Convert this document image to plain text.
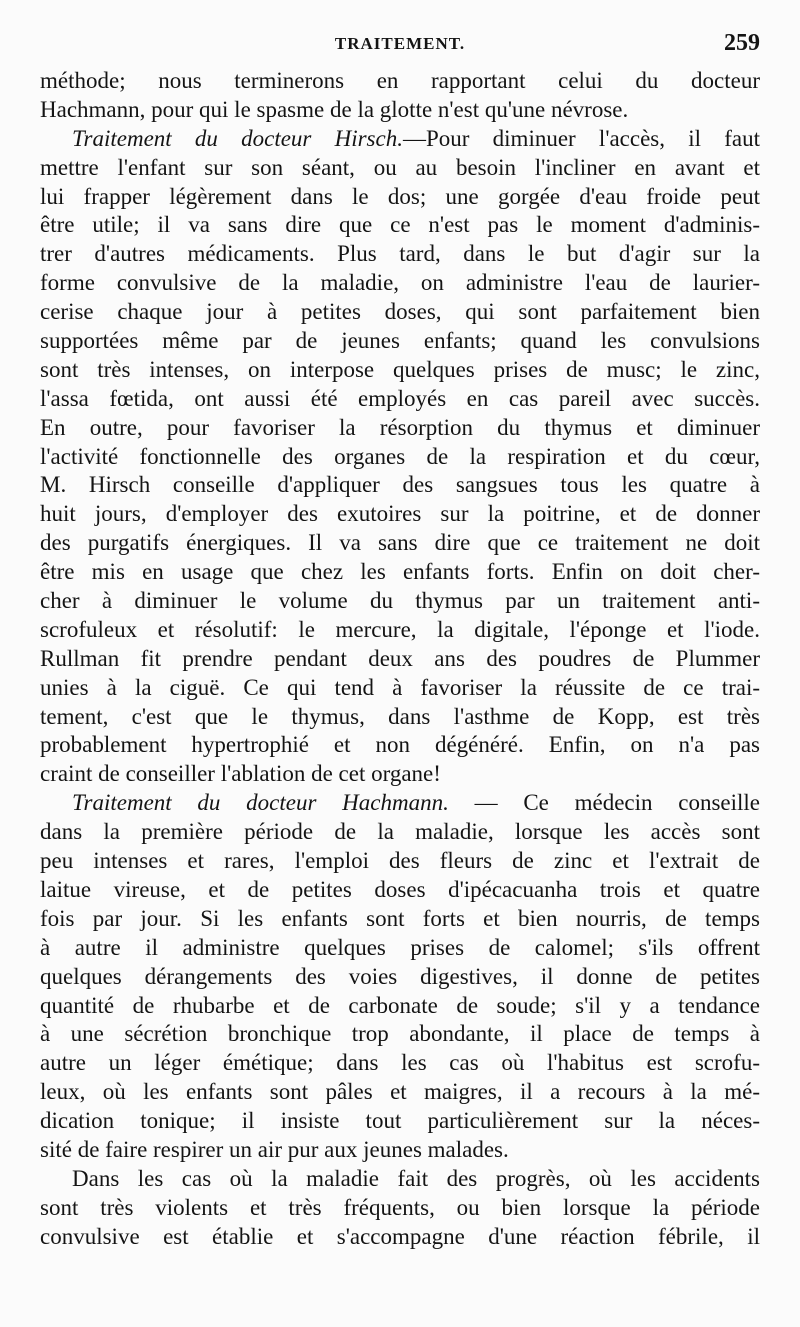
TRAITEMENT.	259
méthode; nous terminerons en rapportant celui du docteur
Hachmann, pour qui le spasme de la glotte n'est qu'une névrose.
Traitement du docteur Hirsch.—Pour diminuer l'accès, il faut
mettre l'enfant sur son séant, ou au besoin l'incliner en avant et
lui frapper légèrement dans le dos; une gorgée d'eau froide peut
être utile; il va sans dire que ce n'est pas le moment d'adminis-
trer d'autres médicaments. Plus tard, dans le but d'agir sur la
forme convulsive de la maladie, on administre l'eau de laurier-
cerise chaque jour à petites doses, qui sont parfaitement bien
supportées même par de jeunes enfants; quand les convulsions
sont très intenses, on interpose quelques prises de musc; le zinc,
l'assa fœtida, ont aussi été employés en cas pareil avec succès.
En outre, pour favoriser la résorption du thymus et diminuer
l'activité fonctionnelle des organes de la respiration et du cœur,
M. Hirsch conseille d'appliquer des sangsues tous les quatre à
huit jours, d'employer des exutoires sur la poitrine, et de donner
des purgatifs énergiques. Il va sans dire que ce traitement ne doit
être mis en usage que chez les enfants forts. Enfin on doit cher-
cher à diminuer le volume du thymus par un traitement anti-
scrofuleux et résolutif: le mercure, la digitale, l'éponge et l'iode.
Rullman fit prendre pendant deux ans des poudres de Plummer
unies à la ciguë. Ce qui tend à favoriser la réussite de ce trai-
tement, c'est que le thymus, dans l'asthme de Kopp, est très
probablement hypertrophié et non dégénéré. Enfin, on n'a pas
craint de conseiller l'ablation de cet organe!
Traitement du docteur Hachmann. — Ce médecin conseille
dans la première période de la maladie, lorsque les accès sont
peu intenses et rares, l'emploi des fleurs de zinc et l'extrait de
laitue vireuse, et de petites doses d'ipécacuanha trois et quatre
fois par jour. Si les enfants sont forts et bien nourris, de temps
à autre il administre quelques prises de calomel; s'ils offrent
quelques dérangements des voies digestives, il donne de petites
quantité de rhubarbe et de carbonate de soude; s'il y a tendance
à une sécrétion bronchique trop abondante, il place de temps à
autre un léger émétique; dans les cas où l'habitus est scrofu-
leux, où les enfants sont pâles et maigres, il a recours à la mé-
dication tonique; il insiste tout particulièrement sur la néces-
sité de faire respirer un air pur aux jeunes malades.
Dans les cas où la maladie fait des progrès, où les accidents
sont très violents et très fréquents, ou bien lorsque la période
convulsive est établie et s'accompagne d'une réaction fébrile, il
